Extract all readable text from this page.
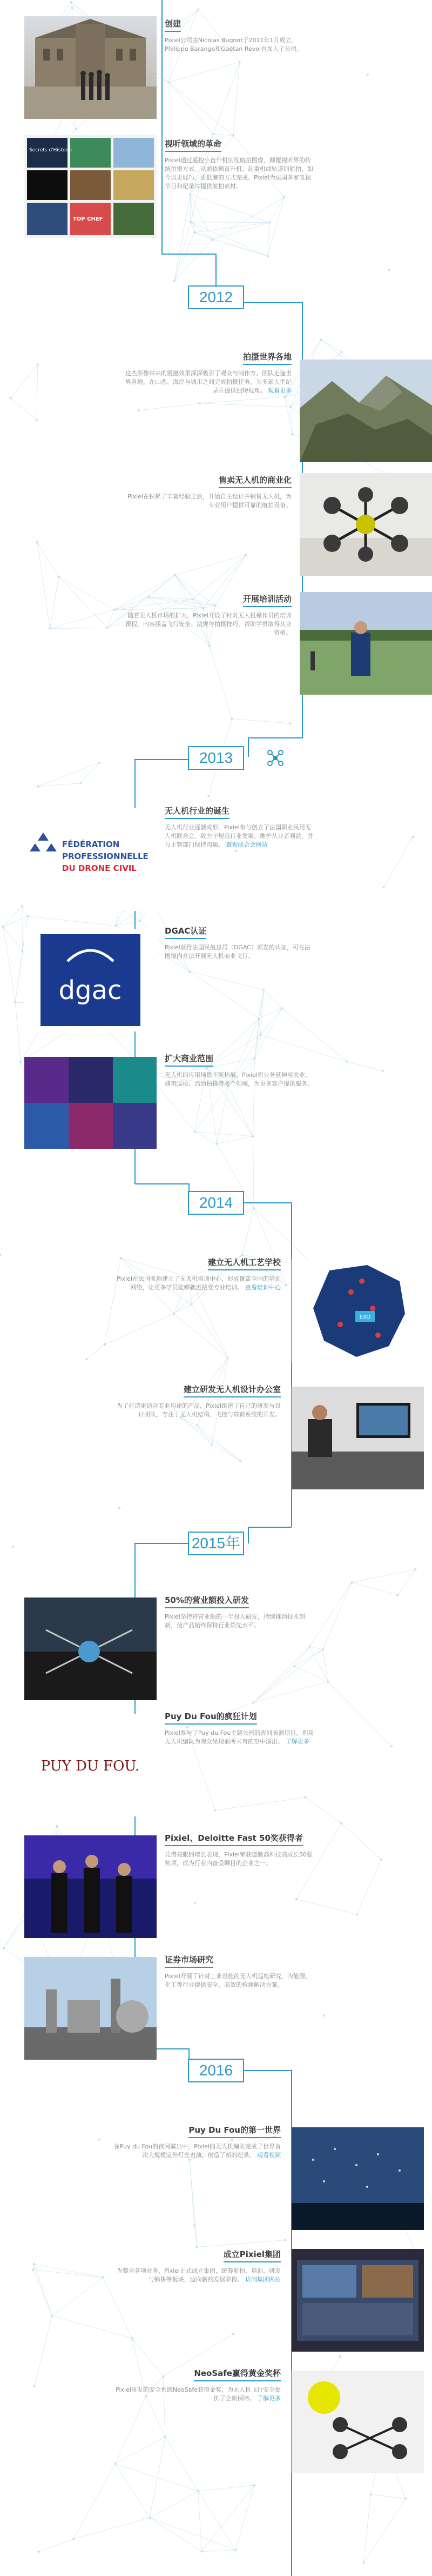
2012
2013
2014
2015年
2016
创建
Pixiel公司由Nicolas Bugnot于2011年1月成立。Philippe Barange和Gaëtan Revol也加入了公司。
Secrets d'Histoire
TOP CHEF
视听领域的革命
Pixiel通过遥控小直升机实现航拍图像，颠覆视听界的传统拍摄方式。从前依赖直升机、起重机或轨道的航拍，如今以更轻巧、更低廉的方式完成。Pixiel为法国多家电视节目和纪录片提供航拍素材。
拍摄世界各地
这些影像带来的震撼效果深深吸引了观众与制作方。团队走遍世界各地，在山峦、海岸与城市之间完成拍摄任务，为多部大型纪录片提供独特视角。 观看更多
售卖无人机的商业化
Pixiel在积累了丰富经验之后，开始自主设计并销售无人机，为专业用户提供可靠的航拍设备。
开展培训活动
随着无人机市场的扩大，Pixiel开设了针对无人机操作员的培训课程，内容涵盖飞行安全、法规与拍摄技巧，帮助学员取得从业资格。
FÉDÉRATION
PROFESSIONNELLE
DU DRONE CIVIL
无人机行业的诞生
无人机行业逐渐成形，Pixiel参与创立了法国职业民用无人机联合会，致力于规范行业发展、维护从业者利益，并与主管部门保持沟通。 查看联合会网站
dgac
DGAC认证
Pixiel获得法国民航总局（DGAC）颁发的认证，可在法国境内合法开展无人机商业飞行。
扩大商业范围
无人机的应用场景不断拓展，Pixiel将业务延伸至农业、建筑巡检、活动拍摄等多个领域，为更多客户提供服务。
建立无人机工艺学校
Pixiel在法国多地建立了无人机培训中心，形成覆盖全国的培训网络，让更多学员能够就近接受专业培训。 查看培训中心
EXO
建立研发无人机设计办公室
为了打造更适合专业用途的产品，Pixiel组建了自己的研发与设计团队，专注于无人机结构、飞控与载荷系统的开发。
50%的营业额投入研发
Pixiel坚持将营业额的一半投入研发，持续推动技术创新，使产品始终保持行业领先水平。
PUY DU FOU.
Puy Du Fou的疯狂计划
Pixiel参与了Puy du Fou主题公园的夜间表演项目，利用无人机编队为观众呈现前所未有的空中演出。 了解更多
Pixiel、Deloitte Fast 50奖获得者
凭借亮眼的增长表现，Pixiel荣获德勤高科技高成长50强奖项，成为行业内备受瞩目的企业之一。
证券市场研究
Pixiel开展了针对工业设施的无人机巡检研究，为能源、化工等行业提供安全、高效的检测解决方案。
Puy Du Fou的第一世界
在Puy du Fou的夜间演出中，Pixiel的无人机编队完成了世界首次大规模室外灯光表演，创造了新的纪录。 观看视频
成立Pixiel集团
为整合各项业务，Pixiel正式成立集团，统筹航拍、培训、研发与销售等板块，迈向新的发展阶段。 访问集团网站
NeoSafe赢得黄金奖杯
Pixiel研发的安全系统NeoSafe获得金奖，为无人机飞行安全提供了全新保障。 了解更多
